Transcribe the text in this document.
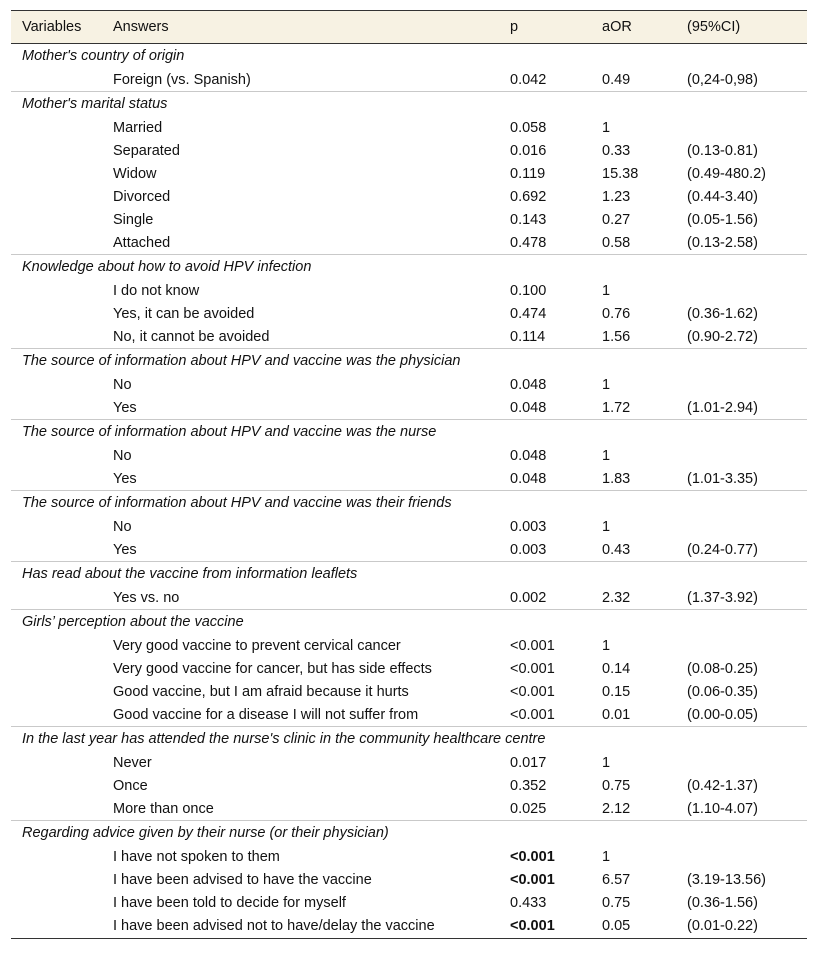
Variables	Answers	p	aOR	(95%CI)
Mother's country of origin				
	Foreign (vs. Spanish)	0.042	0.49	(0,24-0,98)
Mother's marital status				
	Married	0.058	1	
	Separated	0.016	0.33	(0.13-0.81)
	Widow	0.119	15.38	(0.49-480.2)
	Divorced	0.692	1.23	(0.44-3.40)
	Single	0.143	0.27	(0.05-1.56)
	Attached	0.478	0.58	(0.13-2.58)
Knowledge about how to avoid HPV infection				
	I do not know	0.100	1	
	Yes, it can be avoided	0.474	0.76	(0.36-1.62)
	No, it cannot be avoided	0.114	1.56	(0.90-2.72)
The source of information about HPV and vaccine was the physician				
	No	0.048	1	
	Yes	0.048	1.72	(1.01-2.94)
The source of information about HPV and vaccine was the nurse				
	No	0.048	1	
	Yes	0.048	1.83	(1.01-3.35)
The source of information about HPV and vaccine was their friends				
	No	0.003	1	
	Yes	0.003	0.43	(0.24-0.77)
Has read about the vaccine from information leaflets				
	Yes vs. no	0.002	2.32	(1.37-3.92)
Girls’ perception about the vaccine				
	Very good vaccine to prevent cervical cancer	<0.001	1	
	Very good vaccine for cancer, but has side effects	<0.001	0.14	(0.08-0.25)
	Good vaccine, but I am afraid because it hurts	<0.001	0.15	(0.06-0.35)
	Good vaccine for a disease I will not suffer from	<0.001	0.01	(0.00-0.05)
In the last year has attended the nurse's clinic in the community healthcare centre				
	Never	0.017	1	
	Once	0.352	0.75	(0.42-1.37)
	More than once	0.025	2.12	(1.10-4.07)
Regarding advice given by their nurse (or their physician)				
	I have not spoken to them	<0.001	1	
	I have been advised to have the vaccine	<0.001	6.57	(3.19-13.56)
	I have been told to decide for myself	0.433	0.75	(0.36-1.56)
	I have been advised not to have/delay the vaccine	<0.001	0.05	(0.01-0.22)
